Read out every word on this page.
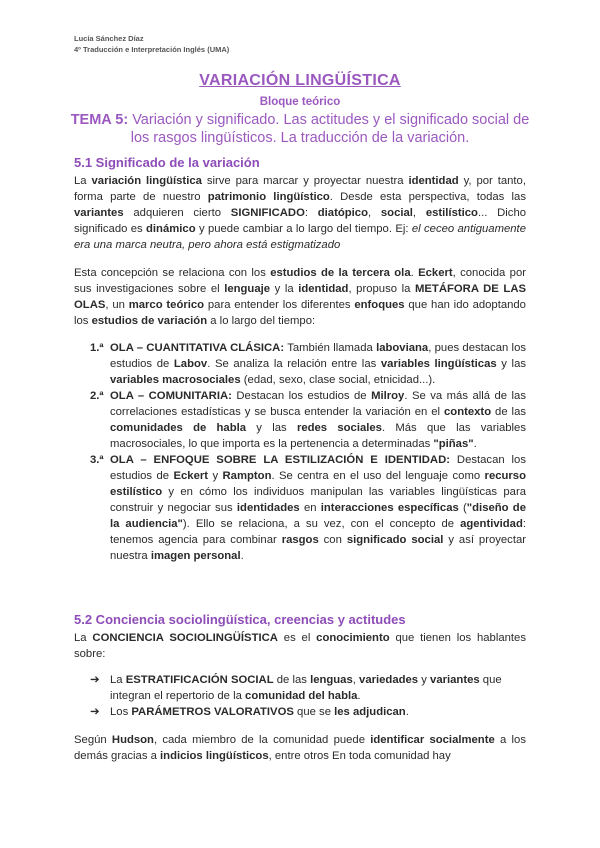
Lucía Sánchez Díaz
4º Traducción e Interpretación Inglés (UMA)
VARIACIÓN LINGÜÍSTICA
Bloque teórico
TEMA 5: Variación y significado. Las actitudes y el significado social de los rasgos lingüísticos. La traducción de la variación.
5.1 Significado de la variación

La variación lingüística sirve para marcar y proyectar nuestra identidad y, por tanto, forma parte de nuestro patrimonio lingüístico. Desde esta perspectiva, todas las variantes adquieren cierto SIGNIFICADO: diatópico, social, estilístico... Dicho significado es dinámico y puede cambiar a lo largo del tiempo. Ej: el ceceo antiguamente era una marca neutra, pero ahora está estigmatizado

Esta concepción se relaciona con los estudios de la tercera ola. Eckert, conocida por sus investigaciones sobre el lenguaje y la identidad, propuso la METÁFORA DE LAS OLAS, un marco teórico para entender los diferentes enfoques que han ido adoptando los estudios de variación a lo largo del tiempo:

1.ª OLA – CUANTITATIVA CLÁSICA: También llamada laboviana, pues destacan los estudios de Labov. Se analiza la relación entre las variables lingüísticas y las variables macrosociales (edad, sexo, clase social, etnicidad...).
2.ª OLA – COMUNITARIA: Destacan los estudios de Milroy. Se va más allá de las correlaciones estadísticas y se busca entender la variación en el contexto de las comunidades de habla y las redes sociales. Más que las variables macrosociales, lo que importa es la pertenencia a determinadas "piñas".
3.ª OLA – ENFOQUE SOBRE LA ESTILIZACIÓN E IDENTIDAD: Destacan los estudios de Eckert y Rampton. Se centra en el uso del lenguaje como recurso estilístico y en cómo los individuos manipulan las variables lingüísticas para construir y negociar sus identidades en interacciones específicas ("diseño de la audiencia"). Ello se relaciona, a su vez, con el concepto de agentividad: tenemos agencia para combinar rasgos con significado social y así proyectar nuestra imagen personal.
5.2 Conciencia sociolingüística, creencias y actitudes

La CONCIENCIA SOCIOLINGÜÍSTICA es el conocimiento que tienen los hablantes sobre:

➔ La ESTRATIFICACIÓN SOCIAL de las lenguas, variedades y variantes que integran el repertorio de la comunidad del habla.
➔ Los PARÁMETROS VALORATIVOS que se les adjudican.

Según Hudson, cada miembro de la comunidad puede identificar socialmente a los demás gracias a indicios lingüísticos, entre otros En toda comunidad hay
